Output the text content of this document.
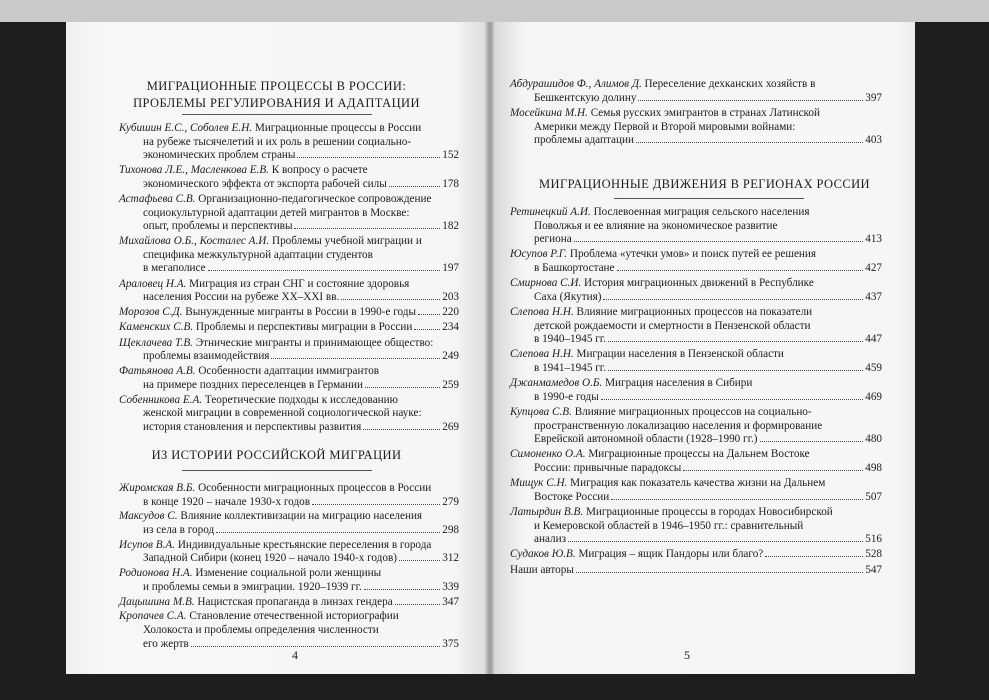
МИГРАЦИОННЫЕ ПРОЦЕССЫ В РОССИИ:
ПРОБЛЕМЫ РЕГУЛИРОВАНИЯ И АДАПТАЦИИ
Кубишин Е.С., Соболев Е.Н. Миграционные процессы в России
на рубеже тысячелетий и их роль в решении социально-
экономических проблем страны	152
Тихонова Л.Е., Масленкова Е.В. К вопросу о расчете
экономического эффекта от экспорта рабочей силы	178
Астафьева С.В. Организационно-педагогическое сопровождение
социокультурной адаптации детей мигрантов в Москве:
опыт, проблемы и перспективы	182
Михайлова О.Б., Косталес А.И. Проблемы учебной миграции и
специфика межкультурной адаптации студентов
в мегаполисе	197
Араловец Н.А. Миграция из стран СНГ и состояние здоровья
населения России на рубеже XX–XXI вв.	203
Морозов С.Д. Вынужденные мигранты в России в 1990-е годы 220
Каменских С.В. Проблемы и перспективы миграции в России	234
Щеклачева Т.В. Этнические мигранты и принимающее общество:
проблемы взаимодействия	249
Фатьянова А.В. Особенности адаптации иммигрантов
на примере поздних переселенцев в Германии	259
Собенникова Е.А. Теоретические подходы к исследованию
женской миграции в современной социологической науке:
история становления и перспективы развития	269
ИЗ ИСТОРИИ РОССИЙСКОЙ МИГРАЦИИ
Жиромская В.Б. Особенности миграционных процессов в России
в конце 1920 – начале 1930-х годов	279
Максудов С. Влияние коллективизации на миграцию населения
из села в город	298
Исупов В.А. Индивидуальные крестьянские переселения в города
Западной Сибири (конец 1920 – начало 1940-х годов)	312
Родионова Н.А. Изменение социальной роли женщины
и проблемы семьи в эмиграции. 1920–1939 гг.	339
Дацышина М.В. Нацистская пропаганда в линзах гендера	347
Кропачев С.А. Становление отечественной историографии
Холокоста и проблемы определения численности
его жертв	375
4
Абдурашидов Ф., Алимов Д. Переселение дехканских хозяйств в
Бешкентскую долину	397
Мосейкина М.Н. Семья русских эмигрантов в странах Латинской
Америки между Первой и Второй мировыми войнами:
проблемы адаптации	403
МИГРАЦИОННЫЕ ДВИЖЕНИЯ В РЕГИОНАХ РОССИИ
Ретинецкий А.И. Послевоенная миграция сельского населения
Поволжья и ее влияние на экономическое развитие
региона	413
Юсупов Р.Г. Проблема «утечки умов» и поиск путей ее решения
в Башкортостане	427
Смирнова С.И. История миграционных движений в Республике
Саха (Якутия)	437
Слепова Н.Н. Влияние миграционных процессов на показатели
детской рождаемости и смертности в Пензенской области
в 1940–1945 гг.	447
Слепова Н.Н. Миграции населения в Пензенской области
в 1941–1945 гг.	459
Джанмамедов О.Б. Миграция населения в Сибири
в 1990-е годы	469
Купцова С.В. Влияние миграционных процессов на социально-
пространственную локализацию населения и формирование
Еврейской автономной области (1928–1990 гг.)	480
Симоненко О.А. Миграционные процессы на Дальнем Востоке
России: привычные парадоксы	498
Мищук С.Н. Миграция как показатель качества жизни на Дальнем
Востоке России	507
Латырдин В.В. Миграционные процессы в городах Новосибирской
и Кемеровской областей в 1946–1950 гг.: сравнительный
анализ	516
Судаков Ю.В. Миграция – ящик Пандоры или благо?	528
Наши авторы	547
5
